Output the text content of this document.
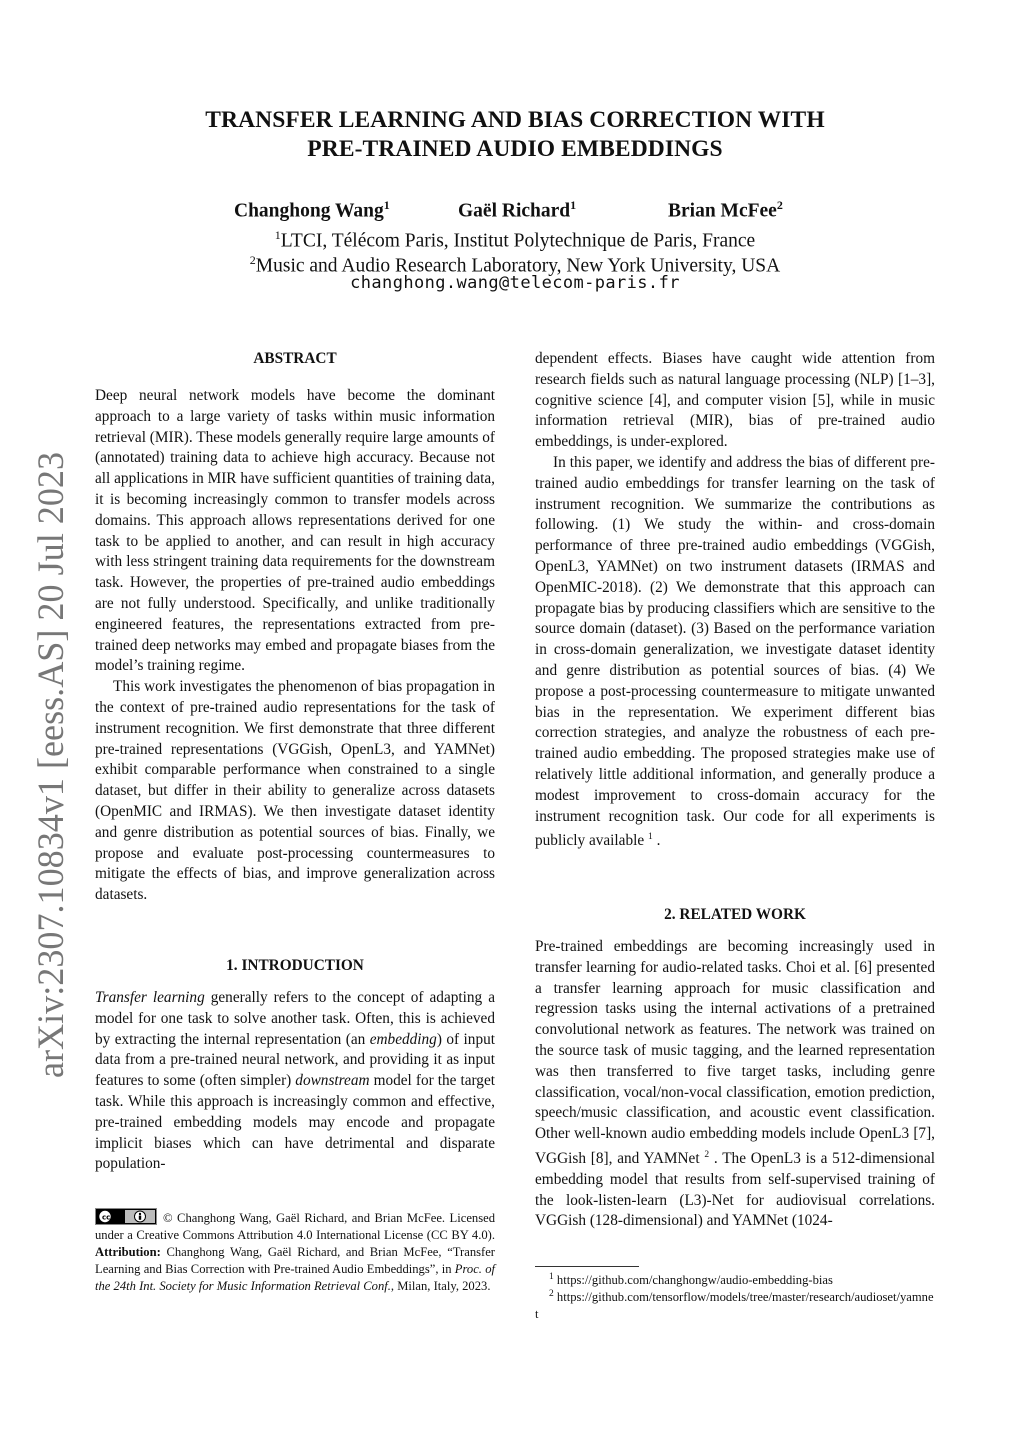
arXiv:2307.10834v1 [eess.AS] 20 Jul 2023
TRANSFER LEARNING AND BIAS CORRECTION WITH
PRE-TRAINED AUDIO EMBEDDINGS
Changhong Wang$^1$	Gaël Richard$^1$	Brian McFee$^2$
$^1$LTCI, Télécom Paris, Institut Polytechnique de Paris, France
$^2$Music and Audio Research Laboratory, New York University, USA
changhong.wang@telecom-paris.fr
ABSTRACT

Deep neural network models have become the dominant approach to a large variety of tasks within music information retrieval (MIR). These models generally require large amounts of (annotated) training data to achieve high accuracy. Because not all applications in MIR have sufficient quantities of training data, it is becoming increasingly common to transfer models across domains. This approach allows representations derived for one task to be applied to another, and can result in high accuracy with less stringent training data requirements for the downstream task. However, the properties of pre-trained audio embeddings are not fully understood. Specifically, and unlike traditionally engineered features, the representations extracted from pre-trained deep networks may embed and propagate biases from the model’s training regime.

This work investigates the phenomenon of bias propagation in the context of pre-trained audio representations for the task of instrument recognition. We first demonstrate that three different pre-trained representations (VGGish, OpenL3, and YAMNet) exhibit comparable performance when constrained to a single dataset, but differ in their ability to generalize across datasets (OpenMIC and IRMAS). We then investigate dataset identity and genre distribution as potential sources of bias. Finally, we propose and evaluate post-processing countermeasures to mitigate the effects of bias, and improve generalization across datasets.

1. INTRODUCTION

Transfer learning generally refers to the concept of adapting a model for one task to solve another task. Often, this is achieved by extracting the internal representation (an embedding) of input data from a pre-trained neural network, and providing it as input features to some (often simpler) downstream model for the target task. While this approach is increasingly common and effective, pre-trained embedding models may encode and propagate implicit biases which can have detrimental and disparate population-

cc by	© Changhong Wang, Gaël Richard, and Brian McFee. Licensed under a Creative Commons Attribution 4.0 International License (CC BY 4.0). Attribution: Changhong Wang, Gaël Richard, and Brian McFee, “Transfer Learning and Bias Correction with Pre-trained Audio Embeddings”, in Proc. of the 24th Int. Society for Music Information Retrieval Conf., Milan, Italy, 2023.

dependent effects. Biases have caught wide attention from research fields such as natural language processing (NLP) [1–3], cognitive science [4], and computer vision [5], while in music information retrieval (MIR), bias of pre-trained audio embeddings, is under-explored.

In this paper, we identify and address the bias of different pre-trained audio embeddings for transfer learning on the task of instrument recognition. We summarize the contributions as following. (1) We study the within- and cross-domain performance of three pre-trained audio embeddings (VGGish, OpenL3, YAMNet) on two instrument datasets (IRMAS and OpenMIC-2018). (2) We demonstrate that this approach can propagate bias by producing classifiers which are sensitive to the source domain (dataset). (3) Based on the performance variation in cross-domain generalization, we investigate dataset identity and genre distribution as potential sources of bias. (4) We propose a post-processing countermeasure to mitigate unwanted bias in the representation. We experiment different bias correction strategies, and analyze the robustness of each pre-trained audio embedding. The proposed strategies make use of relatively little additional information, and generally produce a modest improvement to cross-domain accuracy for the instrument recognition task. Our code for all experiments is publicly available $^1$ .

2. RELATED WORK

Pre-trained embeddings are becoming increasingly used in transfer learning for audio-related tasks. Choi et al. [6] presented a transfer learning approach for music classification and regression tasks using the internal activations of a pretrained convolutional network as features. The network was trained on the source task of music tagging, and the learned representation was then transferred to five target tasks, including genre classification, vocal/non-vocal classification, emotion prediction, speech/music classification, and acoustic event classification. Other well-known audio embedding models include OpenL3 [7], VGGish [8], and YAMNet $^2$ . The OpenL3 is a 512-dimensional embedding model that results from self-supervised training of the look-listen-learn (L3)-Net for audiovisual correlations. VGGish (128-dimensional) and YAMNet (1024-

$^1$ https://github.com/changhongw/audio-embedding-bias
$^2$ https://github.com/tensorflow/models/tree/master/research/audioset/yamnet
